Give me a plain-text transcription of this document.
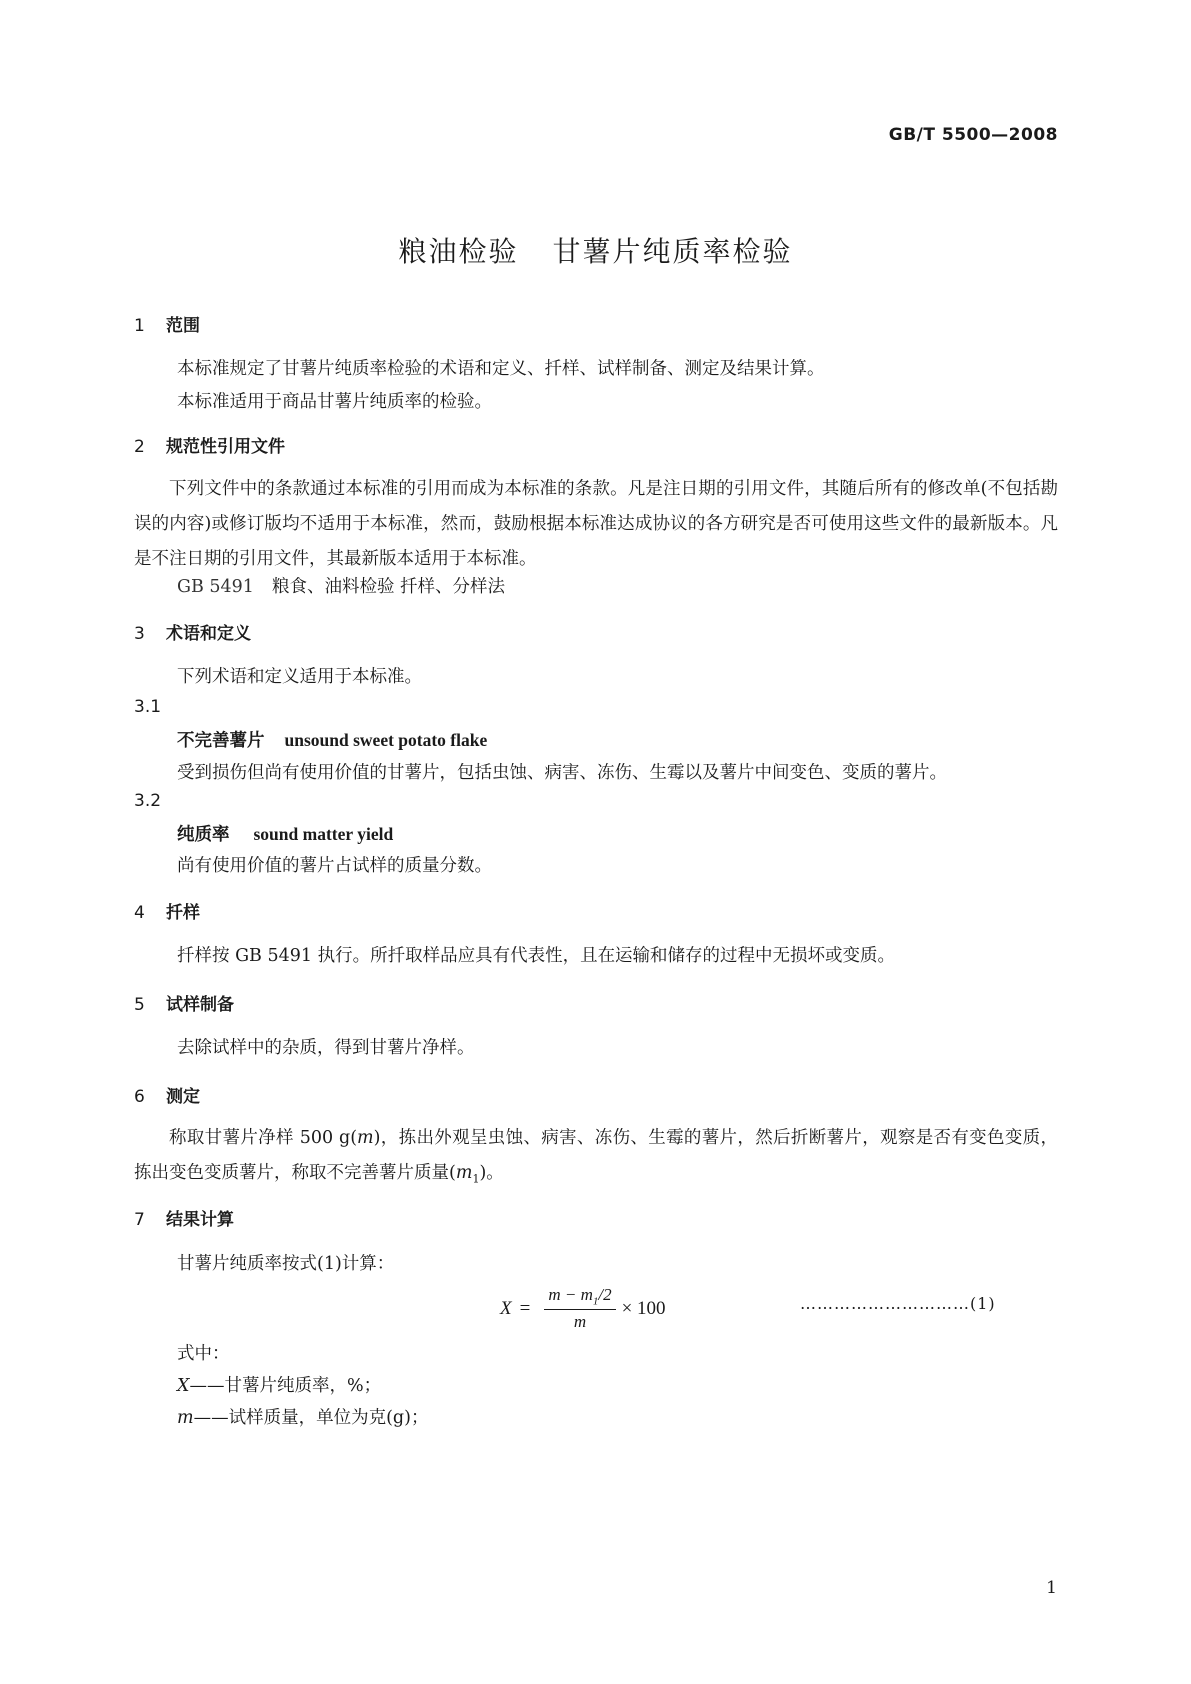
GB/T 5500—2008
粮油检验 甘薯片纯质率检验
1 范围
本标准规定了甘薯片纯质率检验的术语和定义、扦样、试样制备、测定及结果计算。
本标准适用于商品甘薯片纯质率的检验。
2 规范性引用文件
下列文件中的条款通过本标准的引用而成为本标准的条款。凡是注日期的引用文件，其随后所有的修改单(不包括勘误的内容)或修订版均不适用于本标准，然而，鼓励根据本标准达成协议的各方研究是否可使用这些文件的最新版本。凡是不注日期的引用文件，其最新版本适用于本标准。
GB 5491 粮食、油料检验 扦样、分样法
3 术语和定义
下列术语和定义适用于本标准。
3.1
不完善薯片 unsound sweet potato flake
受到损伤但尚有使用价值的甘薯片，包括虫蚀、病害、冻伤、生霉以及薯片中间变色、变质的薯片。
3.2
纯质率 sound matter yield
尚有使用价值的薯片占试样的质量分数。
4 扦样
扦样按 GB 5491 执行。所扦取样品应具有代表性，且在运输和储存的过程中无损坏或变质。
5 试样制备
去除试样中的杂质，得到甘薯片净样。
6 测定
称取甘薯片净样 500 g(m)，拣出外观呈虫蚀、病害、冻伤、生霉的薯片，然后折断薯片，观察是否有变色变质，拣出变色变质薯片，称取不完善薯片质量$(m_1)$。
7 结果计算
甘薯片纯质率按式(1)计算：
$X = \frac{m - m_1/2}{m} \times 100$	…………………………(1)
式中：
X——甘薯片纯质率，%；
m——试样质量，单位为克(g)；
1
